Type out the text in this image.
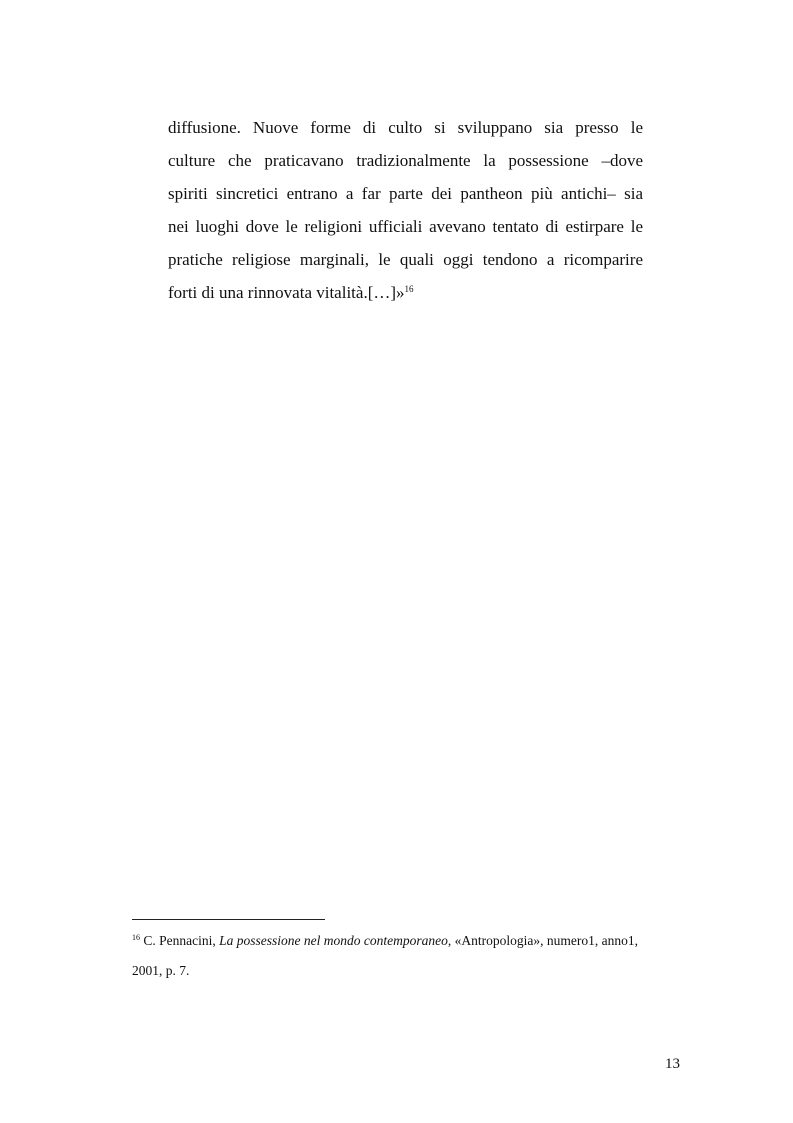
diffusione. Nuove forme di culto si sviluppano sia presso le
culture che praticavano tradizionalmente la possessione –dove
spiriti sincretici entrano a far parte dei pantheon più antichi– sia
nei luoghi dove le religioni ufficiali avevano tentato di estirpare le
pratiche religiose marginali, le quali oggi tendono a ricomparire
forti di una rinnovata vitalità.[…]»$^{16}$
$^{16}$ C. Pennacini, La possessione nel mondo contemporaneo, «Antropologia», numero1, anno1,
2001, p. 7.
13
